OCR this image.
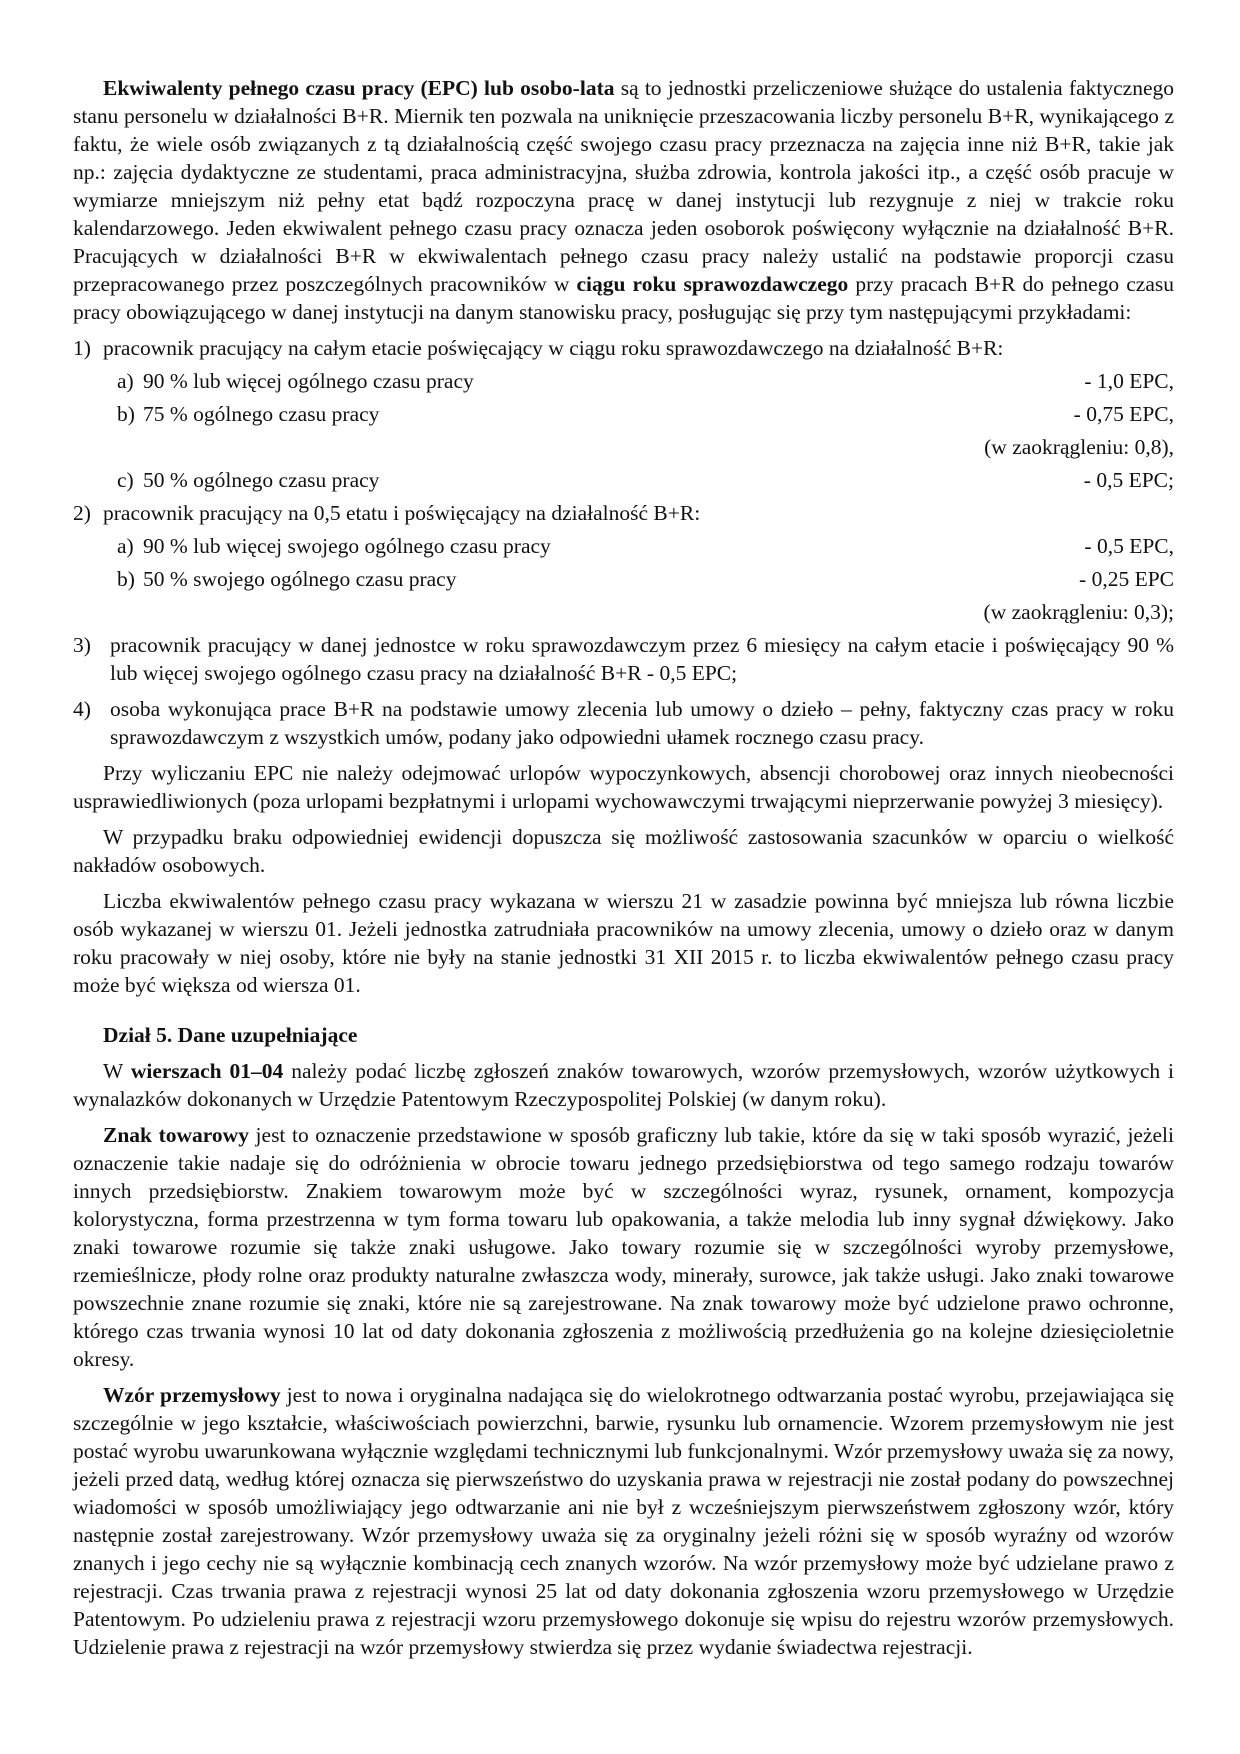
Ekwiwalenty pełnego czasu pracy (EPC) lub osobo-lata są to jednostki przeliczeniowe służące do ustalenia faktycznego stanu personelu w działalności B+R. Miernik ten pozwala na uniknięcie przeszacowania liczby personelu B+R, wynikającego z faktu, że wiele osób związanych z tą działalnością część swojego czasu pracy przeznacza na zajęcia inne niż B+R, takie jak np.: zajęcia dydaktyczne ze studentami, praca administracyjna, służba zdrowia, kontrola jakości itp., a część osób pracuje w wymiarze mniejszym niż pełny etat bądź rozpoczyna pracę w danej instytucji lub rezygnuje z niej w trakcie roku kalendarzowego. Jeden ekwiwalent pełnego czasu pracy oznacza jeden osoborok poświęcony wyłącznie na działalność B+R. Pracujących w działalności B+R w ekwiwalentach pełnego czasu pracy należy ustalić na podstawie proporcji czasu przepracowanego przez poszczególnych pracowników w ciągu roku sprawozdawczego przy pracach B+R do pełnego czasu pracy obowiązującego w danej instytucji na danym stanowisku pracy, posługując się przy tym następującymi przykładami:

1) pracownik pracujący na całym etacie poświęcający w ciągu roku sprawozdawczego na działalność B+R:
a) 90 % lub więcej ogólnego czasu pracy	- 1,0 EPC,
b) 75 % ogólnego czasu pracy	- 0,75 EPC,
(w zaokrągleniu: 0,8),
c) 50 % ogólnego czasu pracy	- 0,5 EPC;
2) pracownik pracujący na 0,5 etatu i poświęcający na działalność B+R:
a) 90 % lub więcej swojego ogólnego czasu pracy	- 0,5 EPC,
b) 50 % swojego ogólnego czasu pracy	- 0,25 EPC
(w zaokrągleniu: 0,3);

3) pracownik pracujący w danej jednostce w roku sprawozdawczym przez 6 miesięcy na całym etacie i poświęcający 90 % lub więcej swojego ogólnego czasu pracy na działalność B+R - 0,5 EPC;

4) osoba wykonująca prace B+R na podstawie umowy zlecenia lub umowy o dzieło – pełny, faktyczny czas pracy w roku sprawozdawczym z wszystkich umów, podany jako odpowiedni ułamek rocznego czasu pracy.

Przy wyliczaniu EPC nie należy odejmować urlopów wypoczynkowych, absencji chorobowej oraz innych nieobecności usprawiedliwionych (poza urlopami bezpłatnymi i urlopami wychowawczymi trwającymi nieprzerwanie powyżej 3 miesięcy).

W przypadku braku odpowiedniej ewidencji dopuszcza się możliwość zastosowania szacunków w oparciu o wielkość nakładów osobowych.

Liczba ekwiwalentów pełnego czasu pracy wykazana w wierszu 21 w zasadzie powinna być mniejsza lub równa liczbie osób wykazanej w wierszu 01. Jeżeli jednostka zatrudniała pracowników na umowy zlecenia, umowy o dzieło oraz w danym roku pracowały w niej osoby, które nie były na stanie jednostki 31 XII 2015 r. to liczba ekwiwalentów pełnego czasu pracy może być większa od wiersza 01.

Dział 5. Dane uzupełniające

W wierszach 01–04 należy podać liczbę zgłoszeń znaków towarowych, wzorów przemysłowych, wzorów użytkowych i wynalazków dokonanych w Urzędzie Patentowym Rzeczypospolitej Polskiej (w danym roku).

Znak towarowy jest to oznaczenie przedstawione w sposób graficzny lub takie, które da się w taki sposób wyrazić, jeżeli oznaczenie takie nadaje się do odróżnienia w obrocie towaru jednego przedsiębiorstwa od tego samego rodzaju towarów innych przedsiębiorstw. Znakiem towarowym może być w szczególności wyraz, rysunek, ornament, kompozycja kolorystyczna, forma przestrzenna w tym forma towaru lub opakowania, a także melodia lub inny sygnał dźwiękowy. Jako znaki towarowe rozumie się także znaki usługowe. Jako towary rozumie się w szczególności wyroby przemysłowe, rzemieślnicze, płody rolne oraz produkty naturalne zwłaszcza wody, minerały, surowce, jak także usługi. Jako znaki towarowe powszechnie znane rozumie się znaki, które nie są zarejestrowane. Na znak towarowy może być udzielone prawo ochronne, którego czas trwania wynosi 10 lat od daty dokonania zgłoszenia z możliwością przedłużenia go na kolejne dziesięcioletnie okresy.

Wzór przemysłowy jest to nowa i oryginalna nadająca się do wielokrotnego odtwarzania postać wyrobu, przejawiająca się szczególnie w jego kształcie, właściwościach powierzchni, barwie, rysunku lub ornamencie. Wzorem przemysłowym nie jest postać wyrobu uwarunkowana wyłącznie względami technicznymi lub funkcjonalnymi. Wzór przemysłowy uważa się za nowy, jeżeli przed datą, według której oznacza się pierwszeństwo do uzyskania prawa w rejestracji nie został podany do powszechnej wiadomości w sposób umożliwiający jego odtwarzanie ani nie był z wcześniejszym pierwszeństwem zgłoszony wzór, który następnie został zarejestrowany. Wzór przemysłowy uważa się za oryginalny jeżeli różni się w sposób wyraźny od wzorów znanych i jego cechy nie są wyłącznie kombinacją cech znanych wzorów. Na wzór przemysłowy może być udzielane prawo z rejestracji. Czas trwania prawa z rejestracji wynosi 25 lat od daty dokonania zgłoszenia wzoru przemysłowego w Urzędzie Patentowym. Po udzieleniu prawa z rejestracji wzoru przemysłowego dokonuje się wpisu do rejestru wzorów przemysłowych. Udzielenie prawa z rejestracji na wzór przemysłowy stwierdza się przez wydanie świadectwa rejestracji.
